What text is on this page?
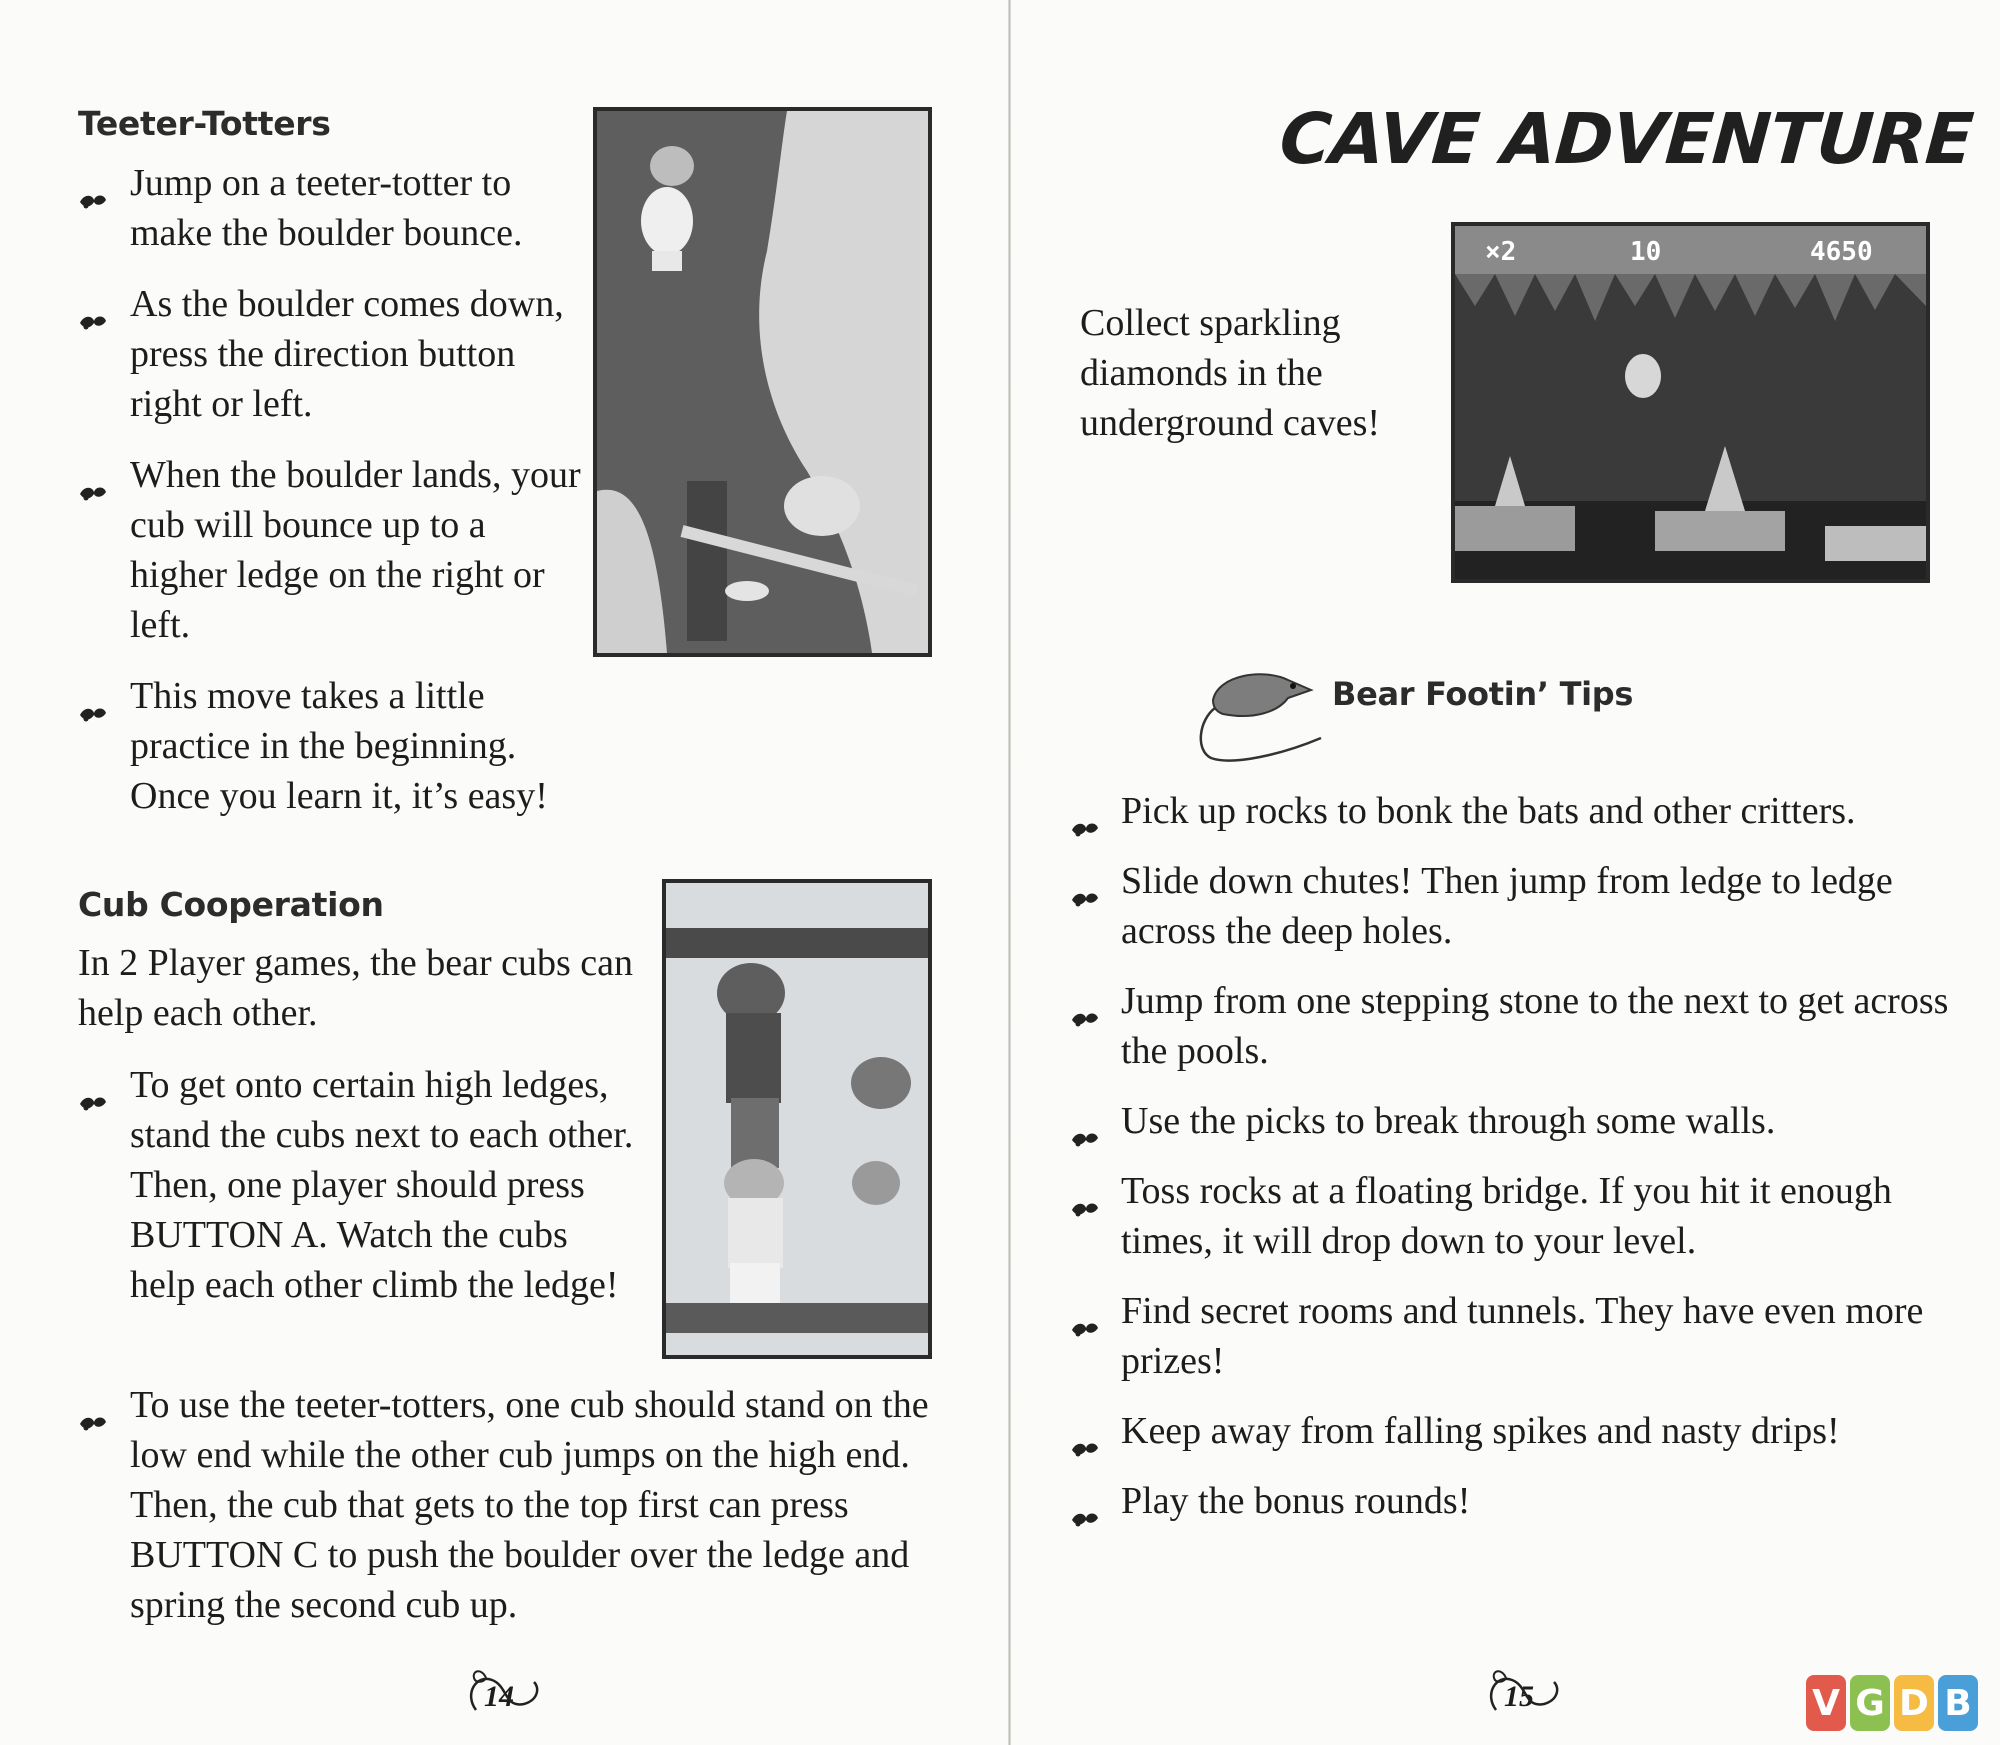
Teeter-Totters
Jump on a teeter-totter to make the boulder bounce.
As the boulder comes down, press the direction button right or left.
When the boulder lands, your cub will bounce up to a higher ledge on the right or left.
This move takes a little practice in the beginning. Once you learn it, it’s easy!
Cub Cooperation
In 2 Player games, the bear cubs can help each other.
To get onto certain high ledges, stand the cubs next to each other. Then, one player should press BUTTON A. Watch the cubs help each other climb the ledge!
To use the teeter-totters, one cub should stand on the low end while the other cub jumps on the high end. Then, the cub that gets to the top first can press BUTTON C to push the boulder over the ledge and spring the second cub up.
14
CAVE ADVENTURE
Collect sparkling diamonds in the underground caves!
×2	10	4650
Bear Footin’ Tips
Pick up rocks to bonk the bats and other critters.
Slide down chutes! Then jump from ledge to ledge across the deep holes.
Jump from one stepping stone to the next to get across the pools.
Use the picks to break through some walls.
Toss rocks at a floating bridge. If you hit it enough times, it will drop down to your level.
Find secret rooms and tunnels. They have even more prizes!
Keep away from falling spikes and nasty drips!
Play the bonus rounds!
15	V G D B
